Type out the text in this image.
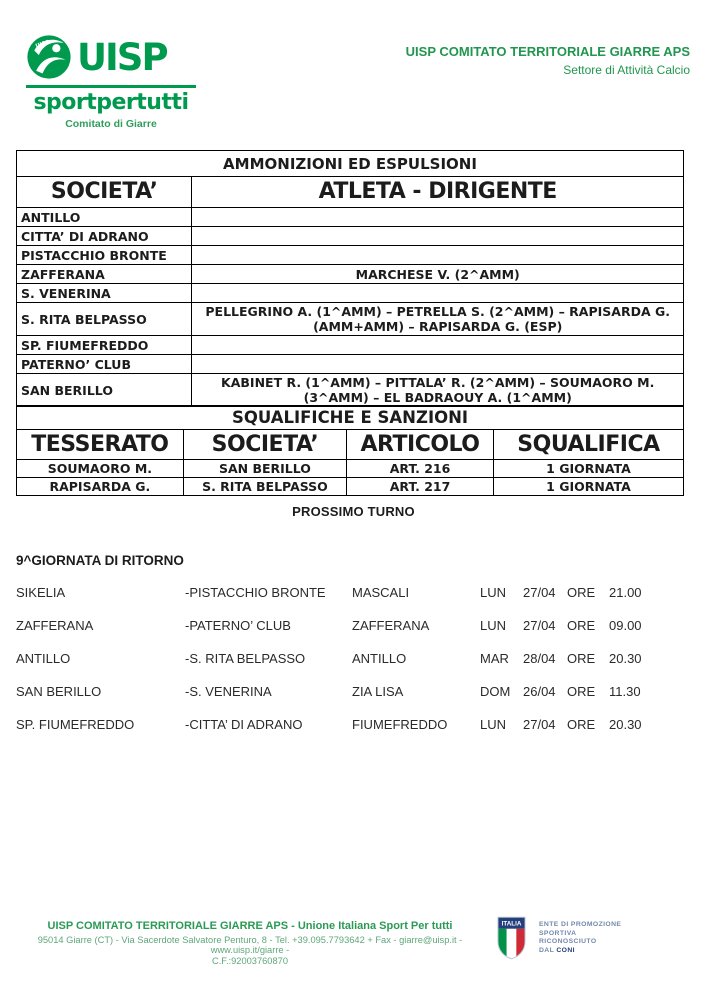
UISP UISP
sportpertutti
Comitato di Giarre
UISP COMITATO TERRITORIALE GIARRE APS
Settore di Attività Calcio
AMMONIZIONI ED ESPULSIONI	
SOCIETA’	ATLETA - DIRIGENTE
ANTILLO	
CITTA’ DI ADRANO	
PISTACCHIO BRONTE	
ZAFFERANA	MARCHESE V. (2^AMM)
S. VENERINA	
S. RITA BELPASSO	PELLEGRINO A. (1^AMM) – PETRELLA S. (2^AMM) – RAPISARDA G. (AMM+AMM) – RAPISARDA G. (ESP)
SP. FIUMEFREDDO	
PATERNO’ CLUB	
SAN BERILLO	KABINET R. (1^AMM) – PITTALA’ R. (2^AMM) – SOUMAORO M. (3^AMM) – EL BADRAOUY A. (1^AMM)
SQUALIFICHE E SANZIONI			
TESSERATO	SOCIETA’	ARTICOLO	SQUALIFICA
SOUMAORO M.	SAN BERILLO	ART. 216	1 GIORNATA
RAPISARDA G.	S. RITA BELPASSO	ART. 217	1 GIORNATA
PROSSIMO TURNO
9^GIORNATA DI RITORNO
SIKELIA	-PISTACCHIO BRONTE	MASCALI	LUN	27/04 ORE	21.00
ZAFFERANA	-PATERNO’ CLUB	ZAFFERANA	LUN	27/04 ORE	09.00
ANTILLO	-S. RITA BELPASSO	ANTILLO	MAR	28/04 ORE	20.30
SAN BERILLO	-S. VENERINA	ZIA LISA	DOM 26/04 ORE	11.30
SP. FIUMEFREDDO	-CITTA’ DI ADRANO	FIUMEFREDDO	LUN	27/04 ORE	20.30
UISP COMITATO TERRITORIALE GIARRE APS - Unione Italiana Sport Per tutti
95014 Giarre (CT) - Via Sacerdote Salvatore Penturo, 8 - Tel. +39.095.7793642 + Fax - giarre@uisp.it - www.uisp.it/giarre -
C.F.:92003760870
ITALIA	ENTE DI PROMOZIONE
SPORTIVA
RICONOSCIUTO
DAL CONI
